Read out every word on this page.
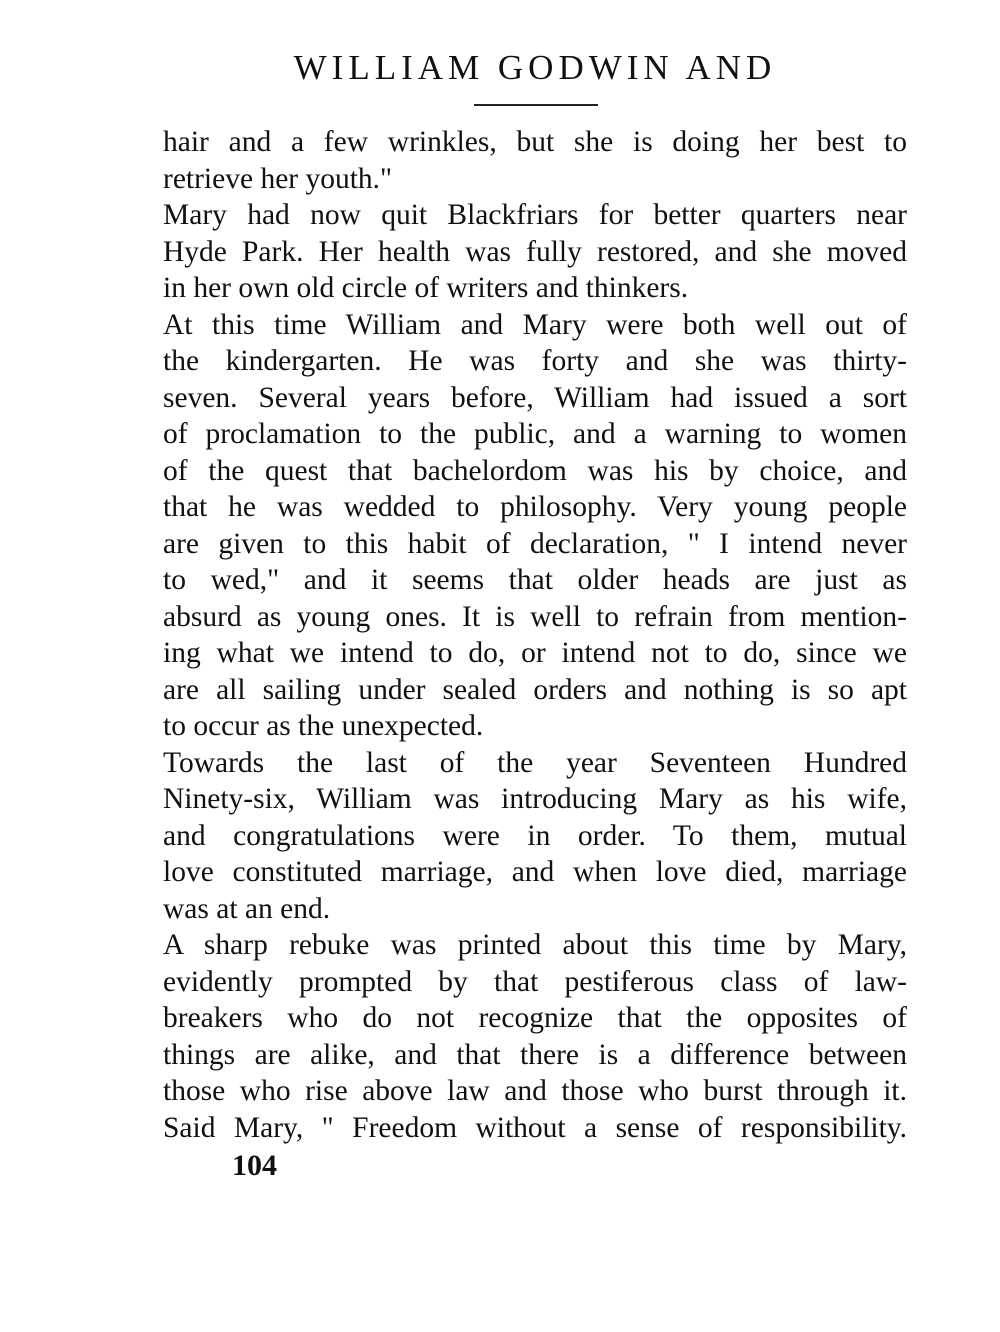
WILLIAM GODWIN AND
hair and a few wrinkles, but she is doing her best to
retrieve her youth."
Mary had now quit Blackfriars for better quarters near
Hyde Park. Her health was fully restored, and she moved
in her own old circle of writers and thinkers.
At this time William and Mary were both well out of
the kindergarten. He was forty and she was thirty-
seven. Several years before, William had issued a sort
of proclamation to the public, and a warning to women
of the quest that bachelordom was his by choice, and
that he was wedded to philosophy. Very young people
are given to this habit of declaration, " I intend never
to wed," and it seems that older heads are just as
absurd as young ones. It is well to refrain from mention-
ing what we intend to do, or intend not to do, since we
are all sailing under sealed orders and nothing is so apt
to occur as the unexpected.
Towards the last of the year Seventeen Hundred
Ninety-six, William was introducing Mary as his wife,
and congratulations were in order. To them, mutual
love constituted marriage, and when love died, marriage
was at an end.
A sharp rebuke was printed about this time by Mary,
evidently prompted by that pestiferous class of law-
breakers who do not recognize that the opposites of
things are alike, and that there is a difference between
those who rise above law and those who burst through it.
Said Mary, " Freedom without a sense of responsibility.
104
